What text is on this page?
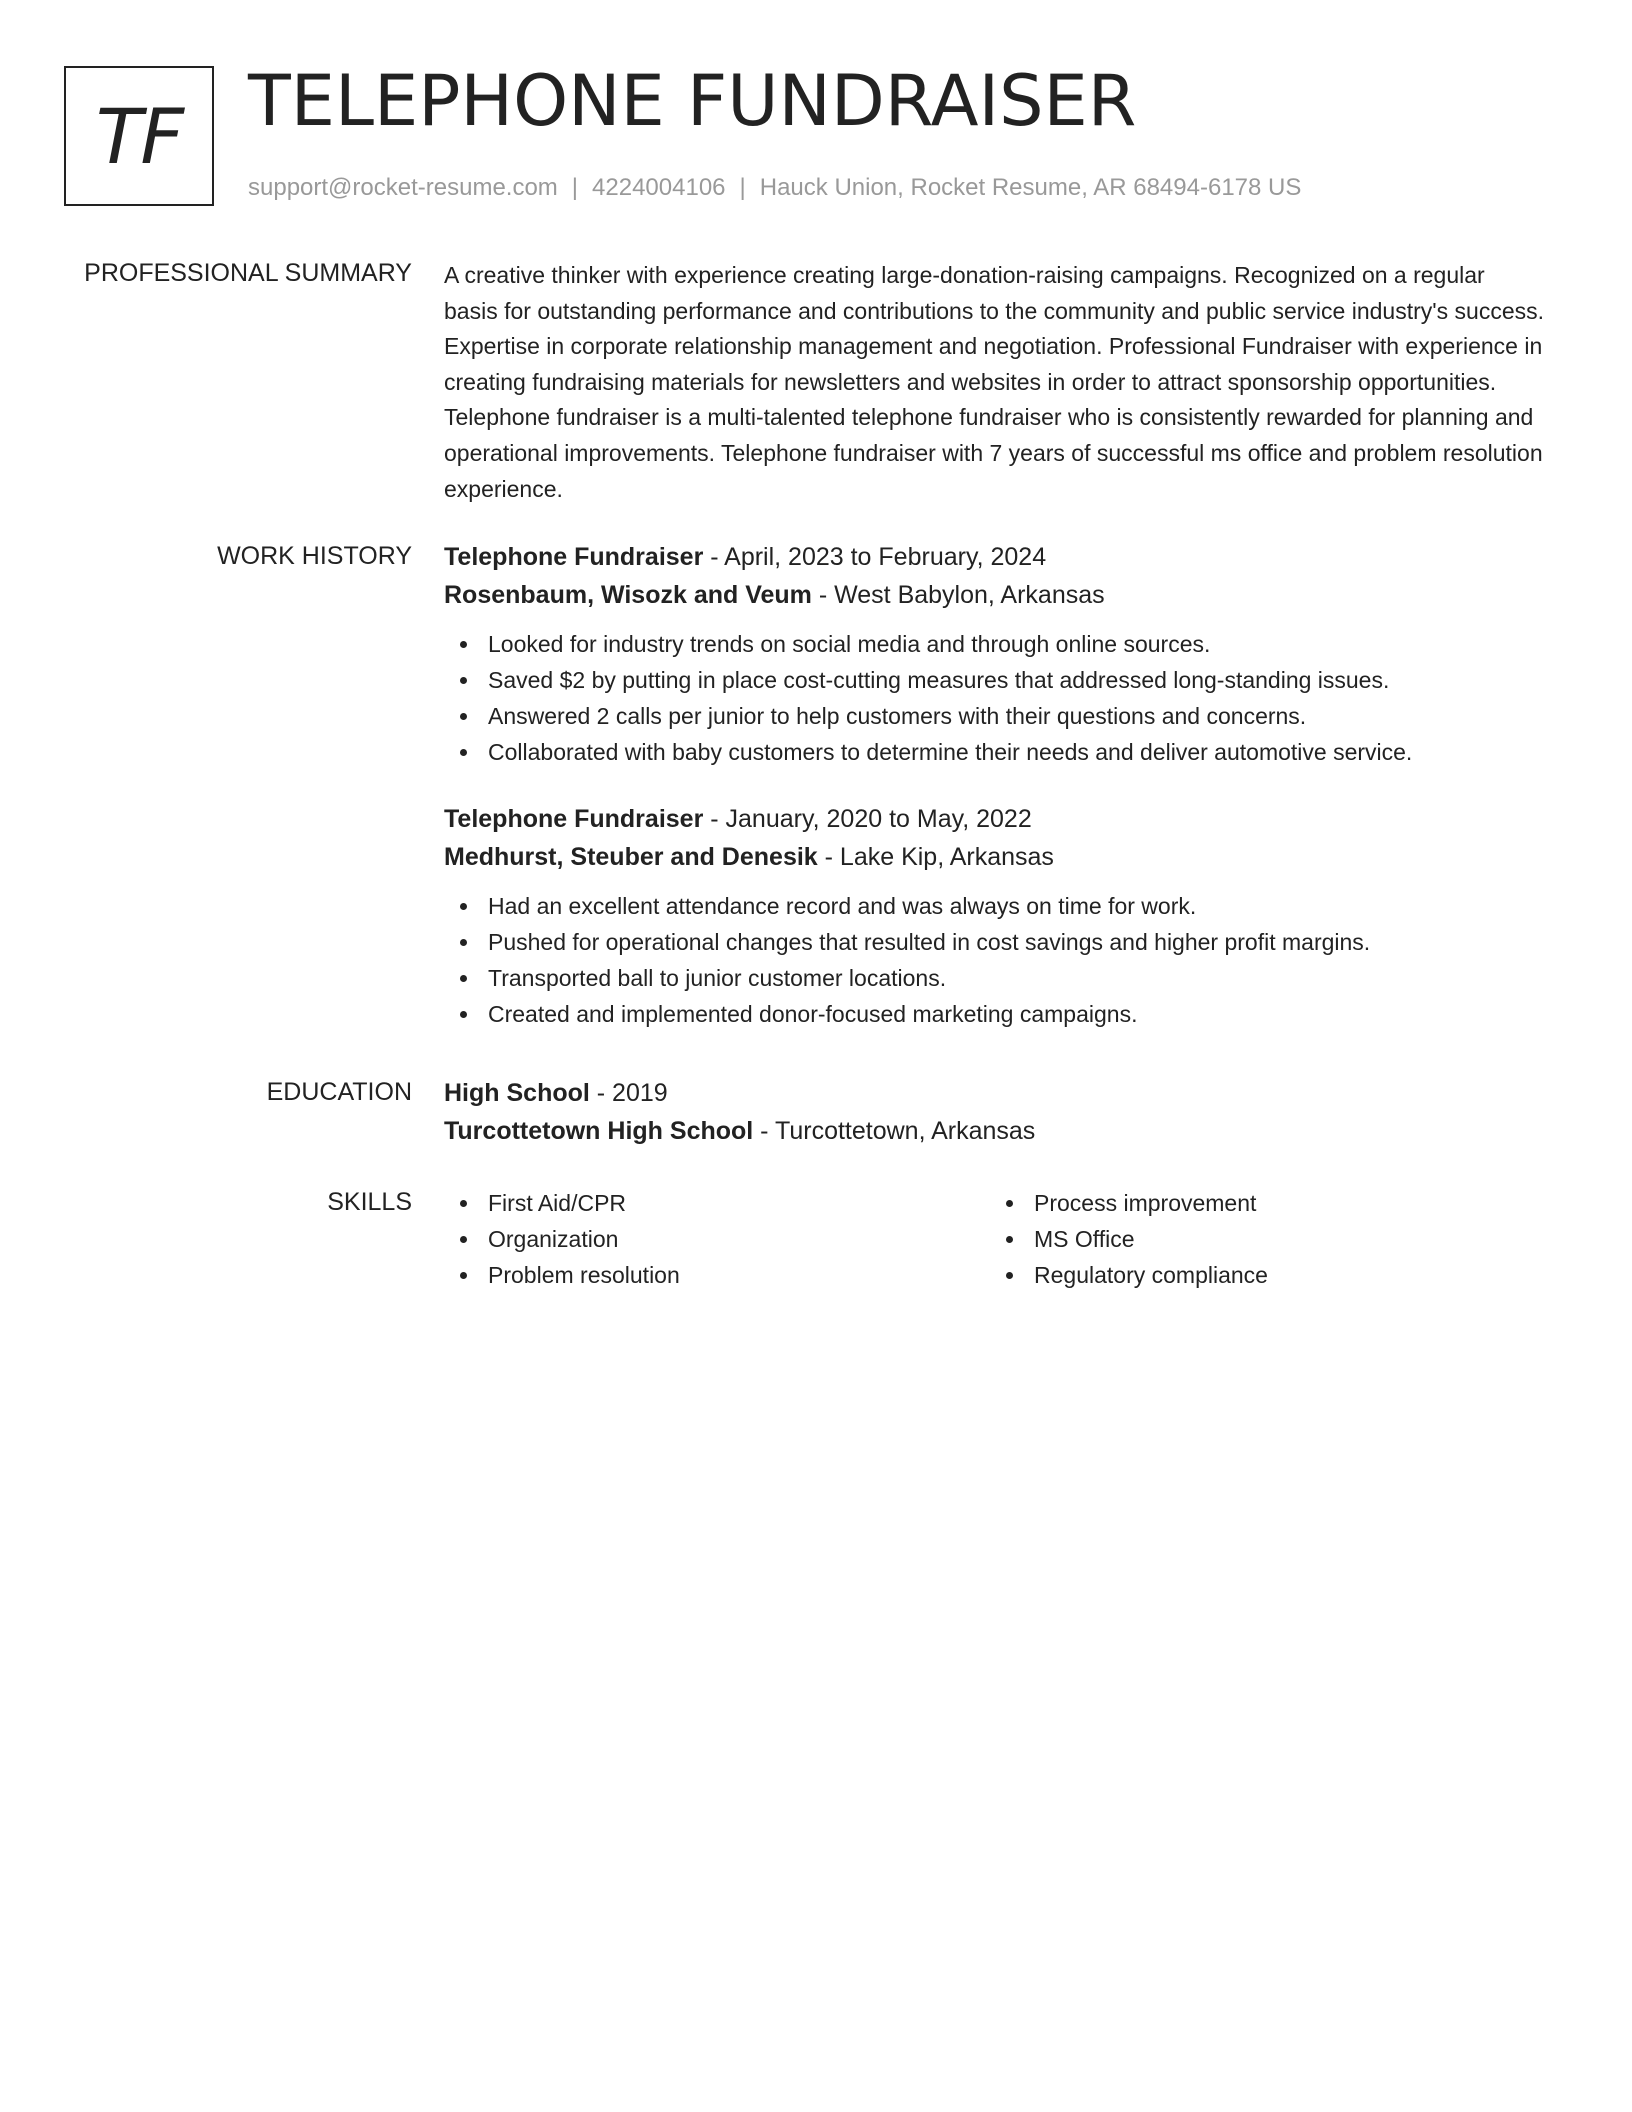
TF TELEPHONE FUNDRAISER
support@rocket-resume.com | 4224004106 | Hauck Union, Rocket Resume, AR 68494-6178 US
PROFESSIONAL SUMMARY A creative thinker with experience creating large-donation-raising campaigns. Recognized on a regular basis for outstanding performance and contributions to the community and public service industry's success. Expertise in corporate relationship management and negotiation. Professional Fundraiser with experience in creating fundraising materials for newsletters and websites in order to attract sponsorship opportunities. Telephone fundraiser is a multi-talented telephone fundraiser who is consistently rewarded for planning and operational improvements. Telephone fundraiser with 7 years of successful ms office and problem resolution experience.

WORK HISTORY Telephone Fundraiser - April, 2023 to February, 2024
Rosenbaum, Wisozk and Veum - West Babylon, Arkansas
Looked for industry trends on social media and through online sources.
Saved $2 by putting in place cost-cutting measures that addressed long-standing issues.
Answered 2 calls per junior to help customers with their questions and concerns.
Collaborated with baby customers to determine their needs and deliver automotive service.
Telephone Fundraiser - January, 2020 to May, 2022
Medhurst, Steuber and Denesik - Lake Kip, Arkansas
Had an excellent attendance record and was always on time for work.
Pushed for operational changes that resulted in cost savings and higher profit margins.
Transported ball to junior customer locations.
Created and implemented donor-focused marketing campaigns.
EDUCATION High School - 2019
Turcottetown High School - Turcottetown, Arkansas
SKILLS	First Aid/CPR
Organization
Problem resolution
Process improvement
MS Office
Regulatory compliance
